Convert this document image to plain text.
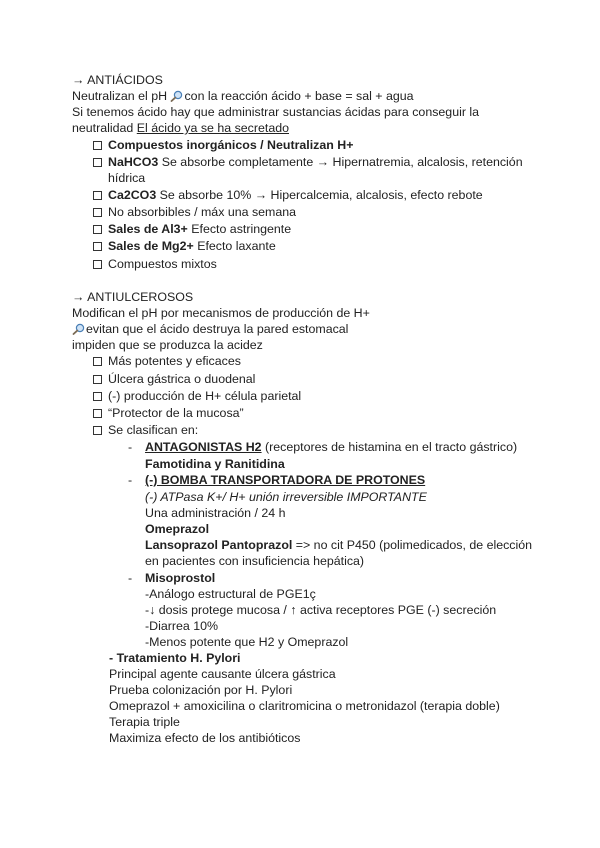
→ ANTIÁCIDOS
Neutralizan el pH con la reacción ácido + base = sal + agua
Si tenemos ácido hay que administrar sustancias ácidas para conseguir la
neutralidad El ácido ya se ha secretado
Compuestos inorgánicos / Neutralizan H+
NaHCO3 Se absorbe completamente → Hipernatremia, alcalosis, retención
hídrica
Ca2CO3 Se absorbe 10% → Hipercalcemia, alcalosis, efecto rebote
No absorbibles / máx una semana
Sales de Al3+ Efecto astringente
Sales de Mg2+ Efecto laxante
Compuestos mixtos
→ ANTIULCEROSOS
Modifican el pH por mecanismos de producción de H+
evitan que el ácido destruya la pared estomacal
impiden que se produzca la acidez
Más potentes y eficaces
Úlcera gástrica o duodenal
(-) producción de H+ célula parietal
“Protector de la mucosa”
Se clasifican en:
- ANTAGONISTAS H2 (receptores de histamina en el tracto gástrico)
Famotidina y Ranitidina
- (-) BOMBA TRANSPORTADORA DE PROTONES
(-) ATPasa K+/ H+ unión irreversible IMPORTANTE
Una administración / 24 h
Omeprazol
Lansoprazol Pantoprazol => no cit P450 (polimedicados, de elección
en pacientes con insuficiencia hepática)
- Misoprostol
-Análogo estructural de PGE1ç
-↓ dosis protege mucosa / ↑ activa receptores PGE (-) secreción
-Diarrea 10%
-Menos potente que H2 y Omeprazol
- Tratamiento H. Pylori
Principal agente causante úlcera gástrica
Prueba colonización por H. Pylori
Omeprazol + amoxicilina o claritromicina o metronidazol (terapia doble)
Terapia triple
Maximiza efecto de los antibióticos
